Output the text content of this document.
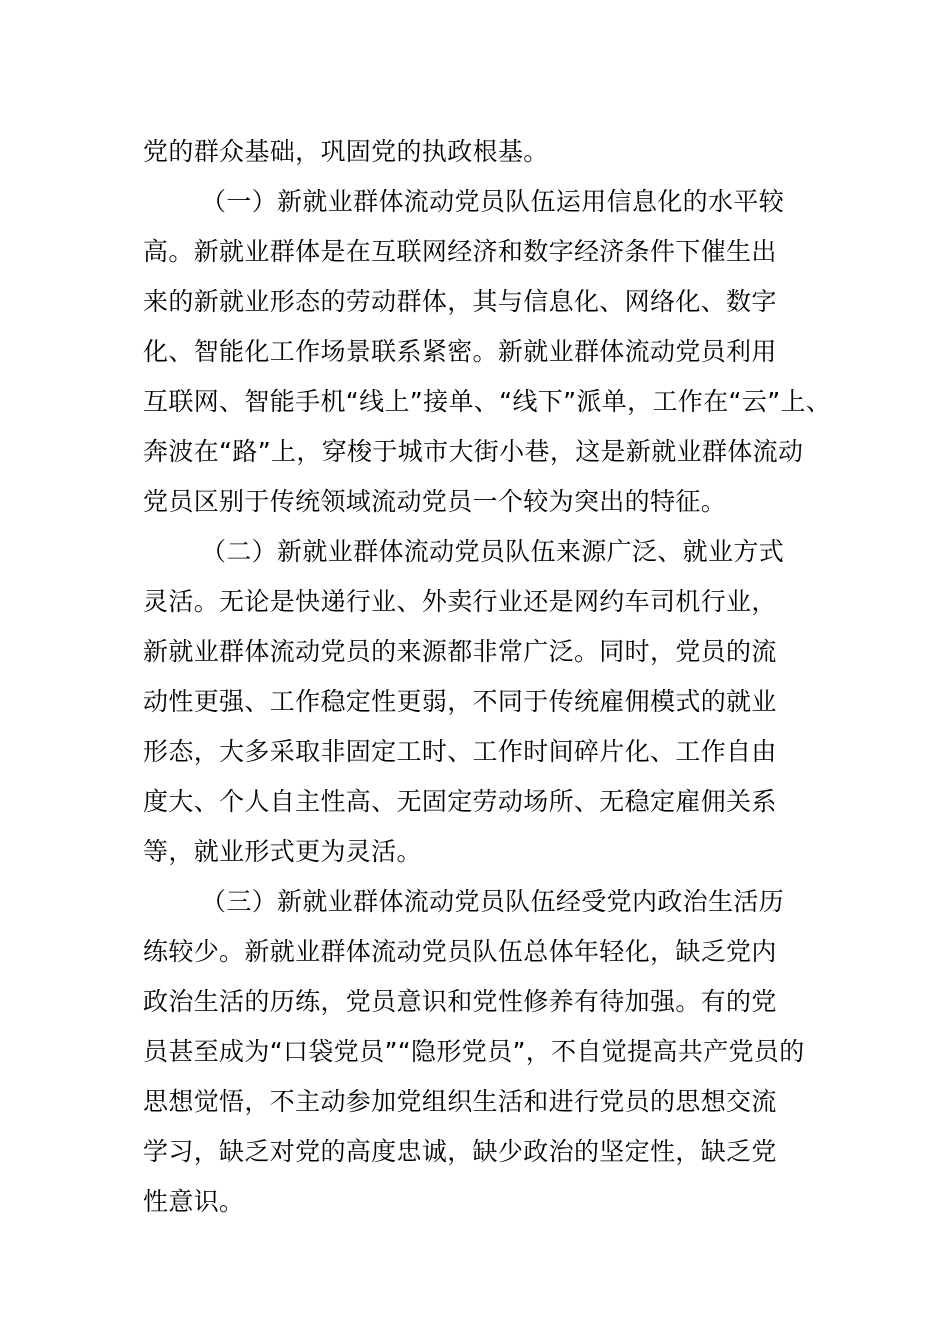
党的群众基础，巩固党的执政根基。
（一）新就业群体流动党员队伍运用信息化的水平较
高。新就业群体是在互联网经济和数字经济条件下催生出
来的新就业形态的劳动群体，其与信息化、网络化、数字
化、智能化工作场景联系紧密。新就业群体流动党员利用
互联网、智能手机“线上”接单、“线下”派单，工作在“云”上、
奔波在“路”上，穿梭于城市大街小巷，这是新就业群体流动
党员区别于传统领域流动党员一个较为突出的特征。
（二）新就业群体流动党员队伍来源广泛、就业方式
灵活。无论是快递行业、外卖行业还是网约车司机行业，
新就业群体流动党员的来源都非常广泛。同时，党员的流
动性更强、工作稳定性更弱，不同于传统雇佣模式的就业
形态，大多采取非固定工时、工作时间碎片化、工作自由
度大、个人自主性高、无固定劳动场所、无稳定雇佣关系
等，就业形式更为灵活。
（三）新就业群体流动党员队伍经受党内政治生活历
练较少。新就业群体流动党员队伍总体年轻化，缺乏党内
政治生活的历练，党员意识和党性修养有待加强。有的党
员甚至成为“口袋党员”“隐形党员”，不自觉提高共产党员的
思想觉悟，不主动参加党组织生活和进行党员的思想交流
学习，缺乏对党的高度忠诚，缺少政治的坚定性，缺乏党
性意识。
